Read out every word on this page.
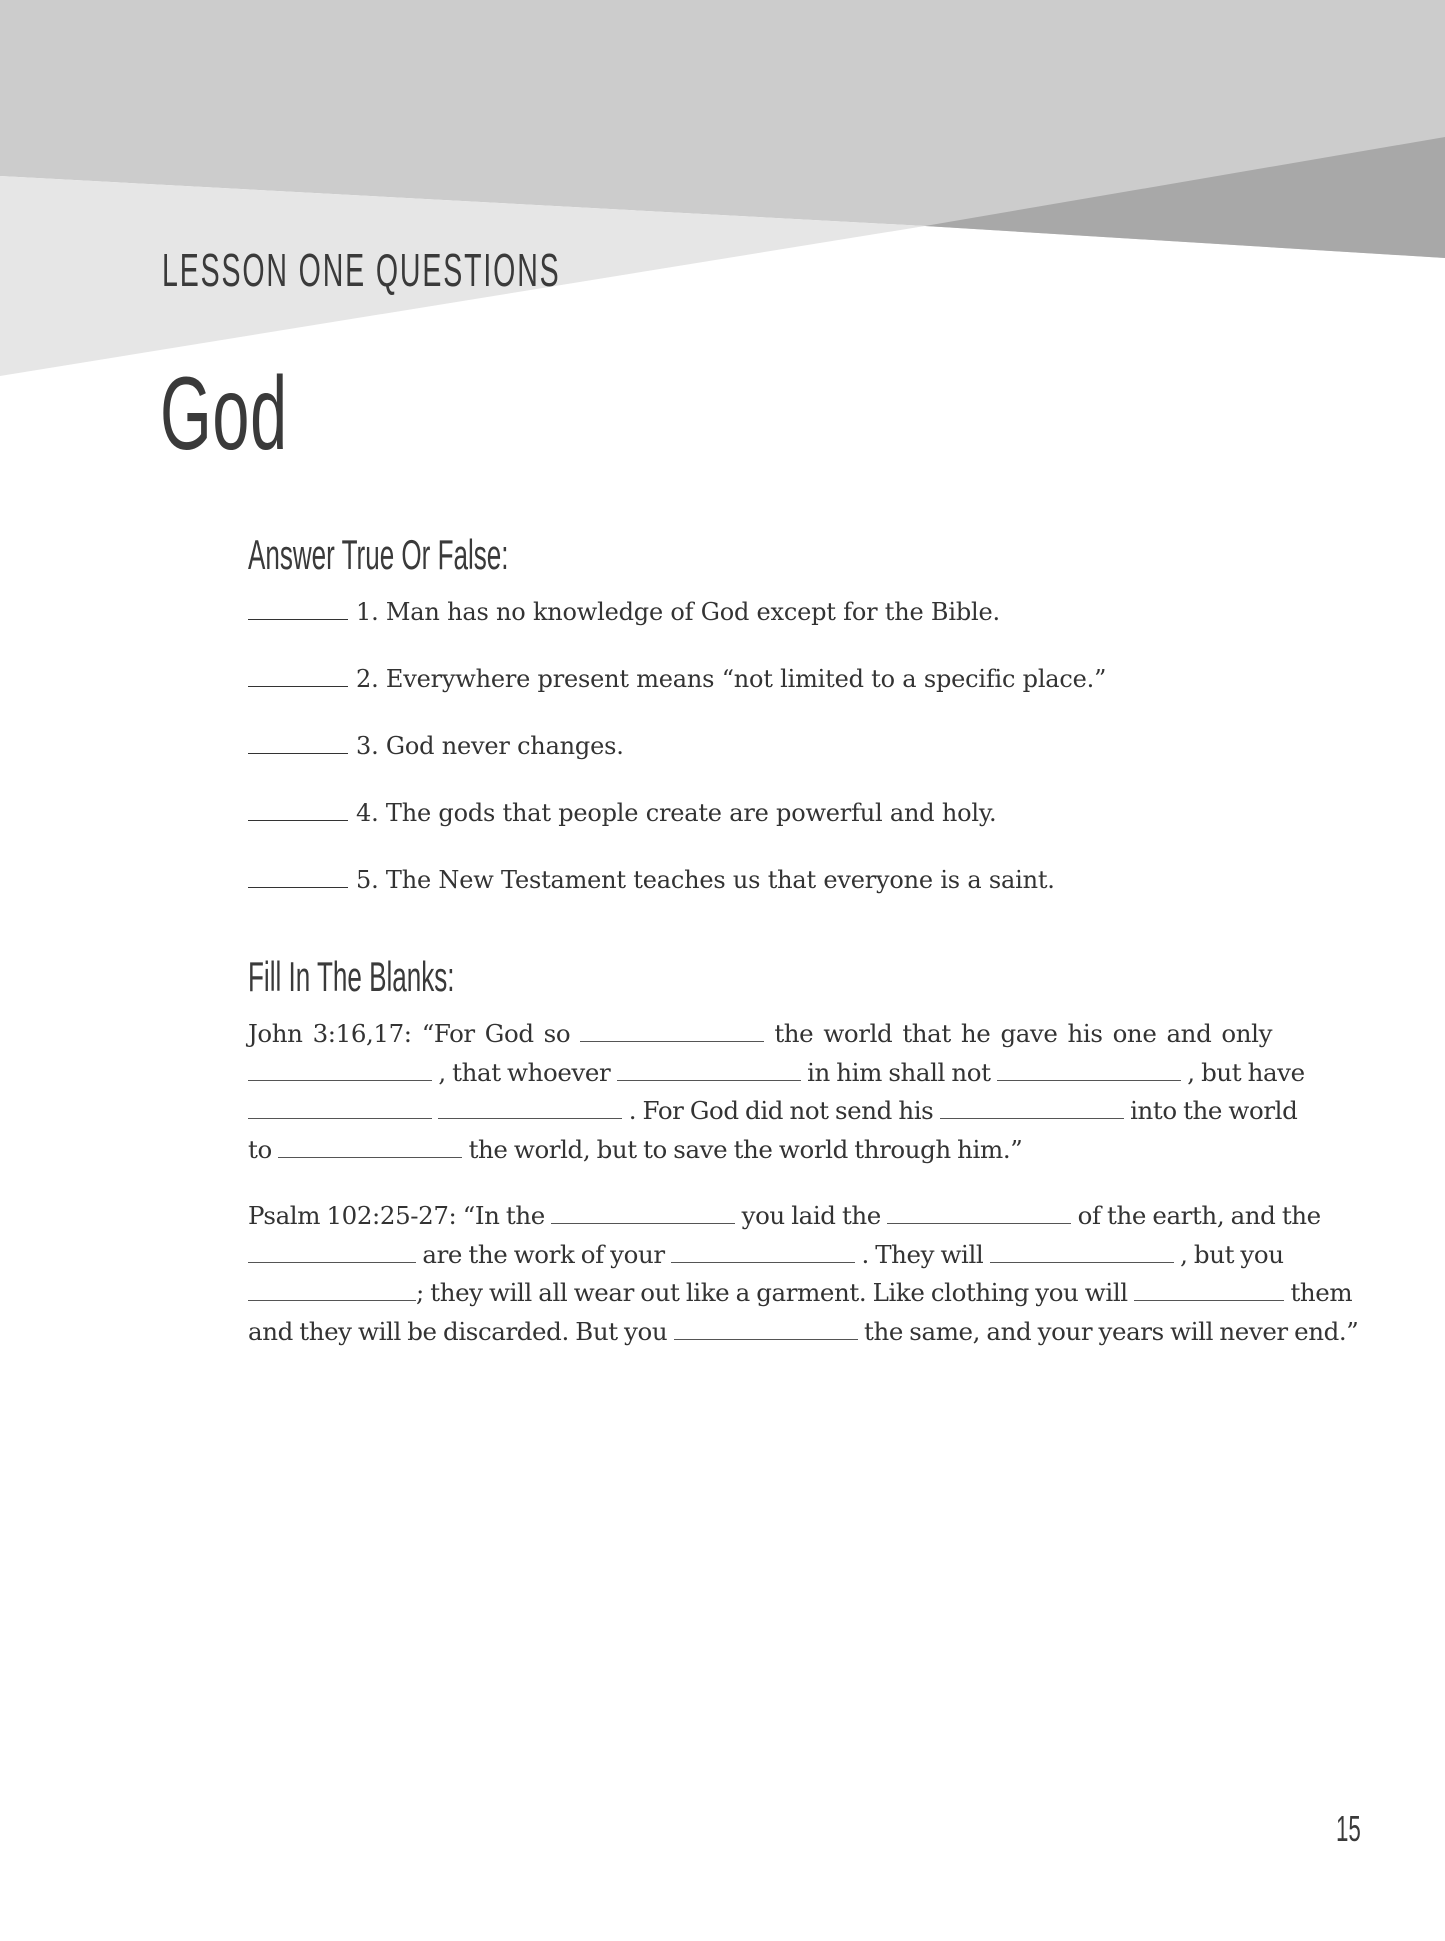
LESSON ONE QUESTIONS
God
Answer True Or False:
1. Man has no knowledge of God except for the Bible.
2. Everywhere present means “not limited to a specific place.”
3. God never changes.
4. The gods that people create are powerful and holy.
5. The New Testament teaches us that everyone is a saint.
Fill In The Blanks:
John 3:16,17: “For God so	the world that he gave his one and only
, that whoever	in him shall not	, but have
. For God did not send his	into the world
to	the world, but to save the world through him.”
Psalm 102:25-27: “In the	you laid the	of the earth, and the
are the work of your	. They will	, but you
; they will all wear out like a garment. Like clothing you will	them
and they will be discarded. But you	the same, and your years will never end.”
15
